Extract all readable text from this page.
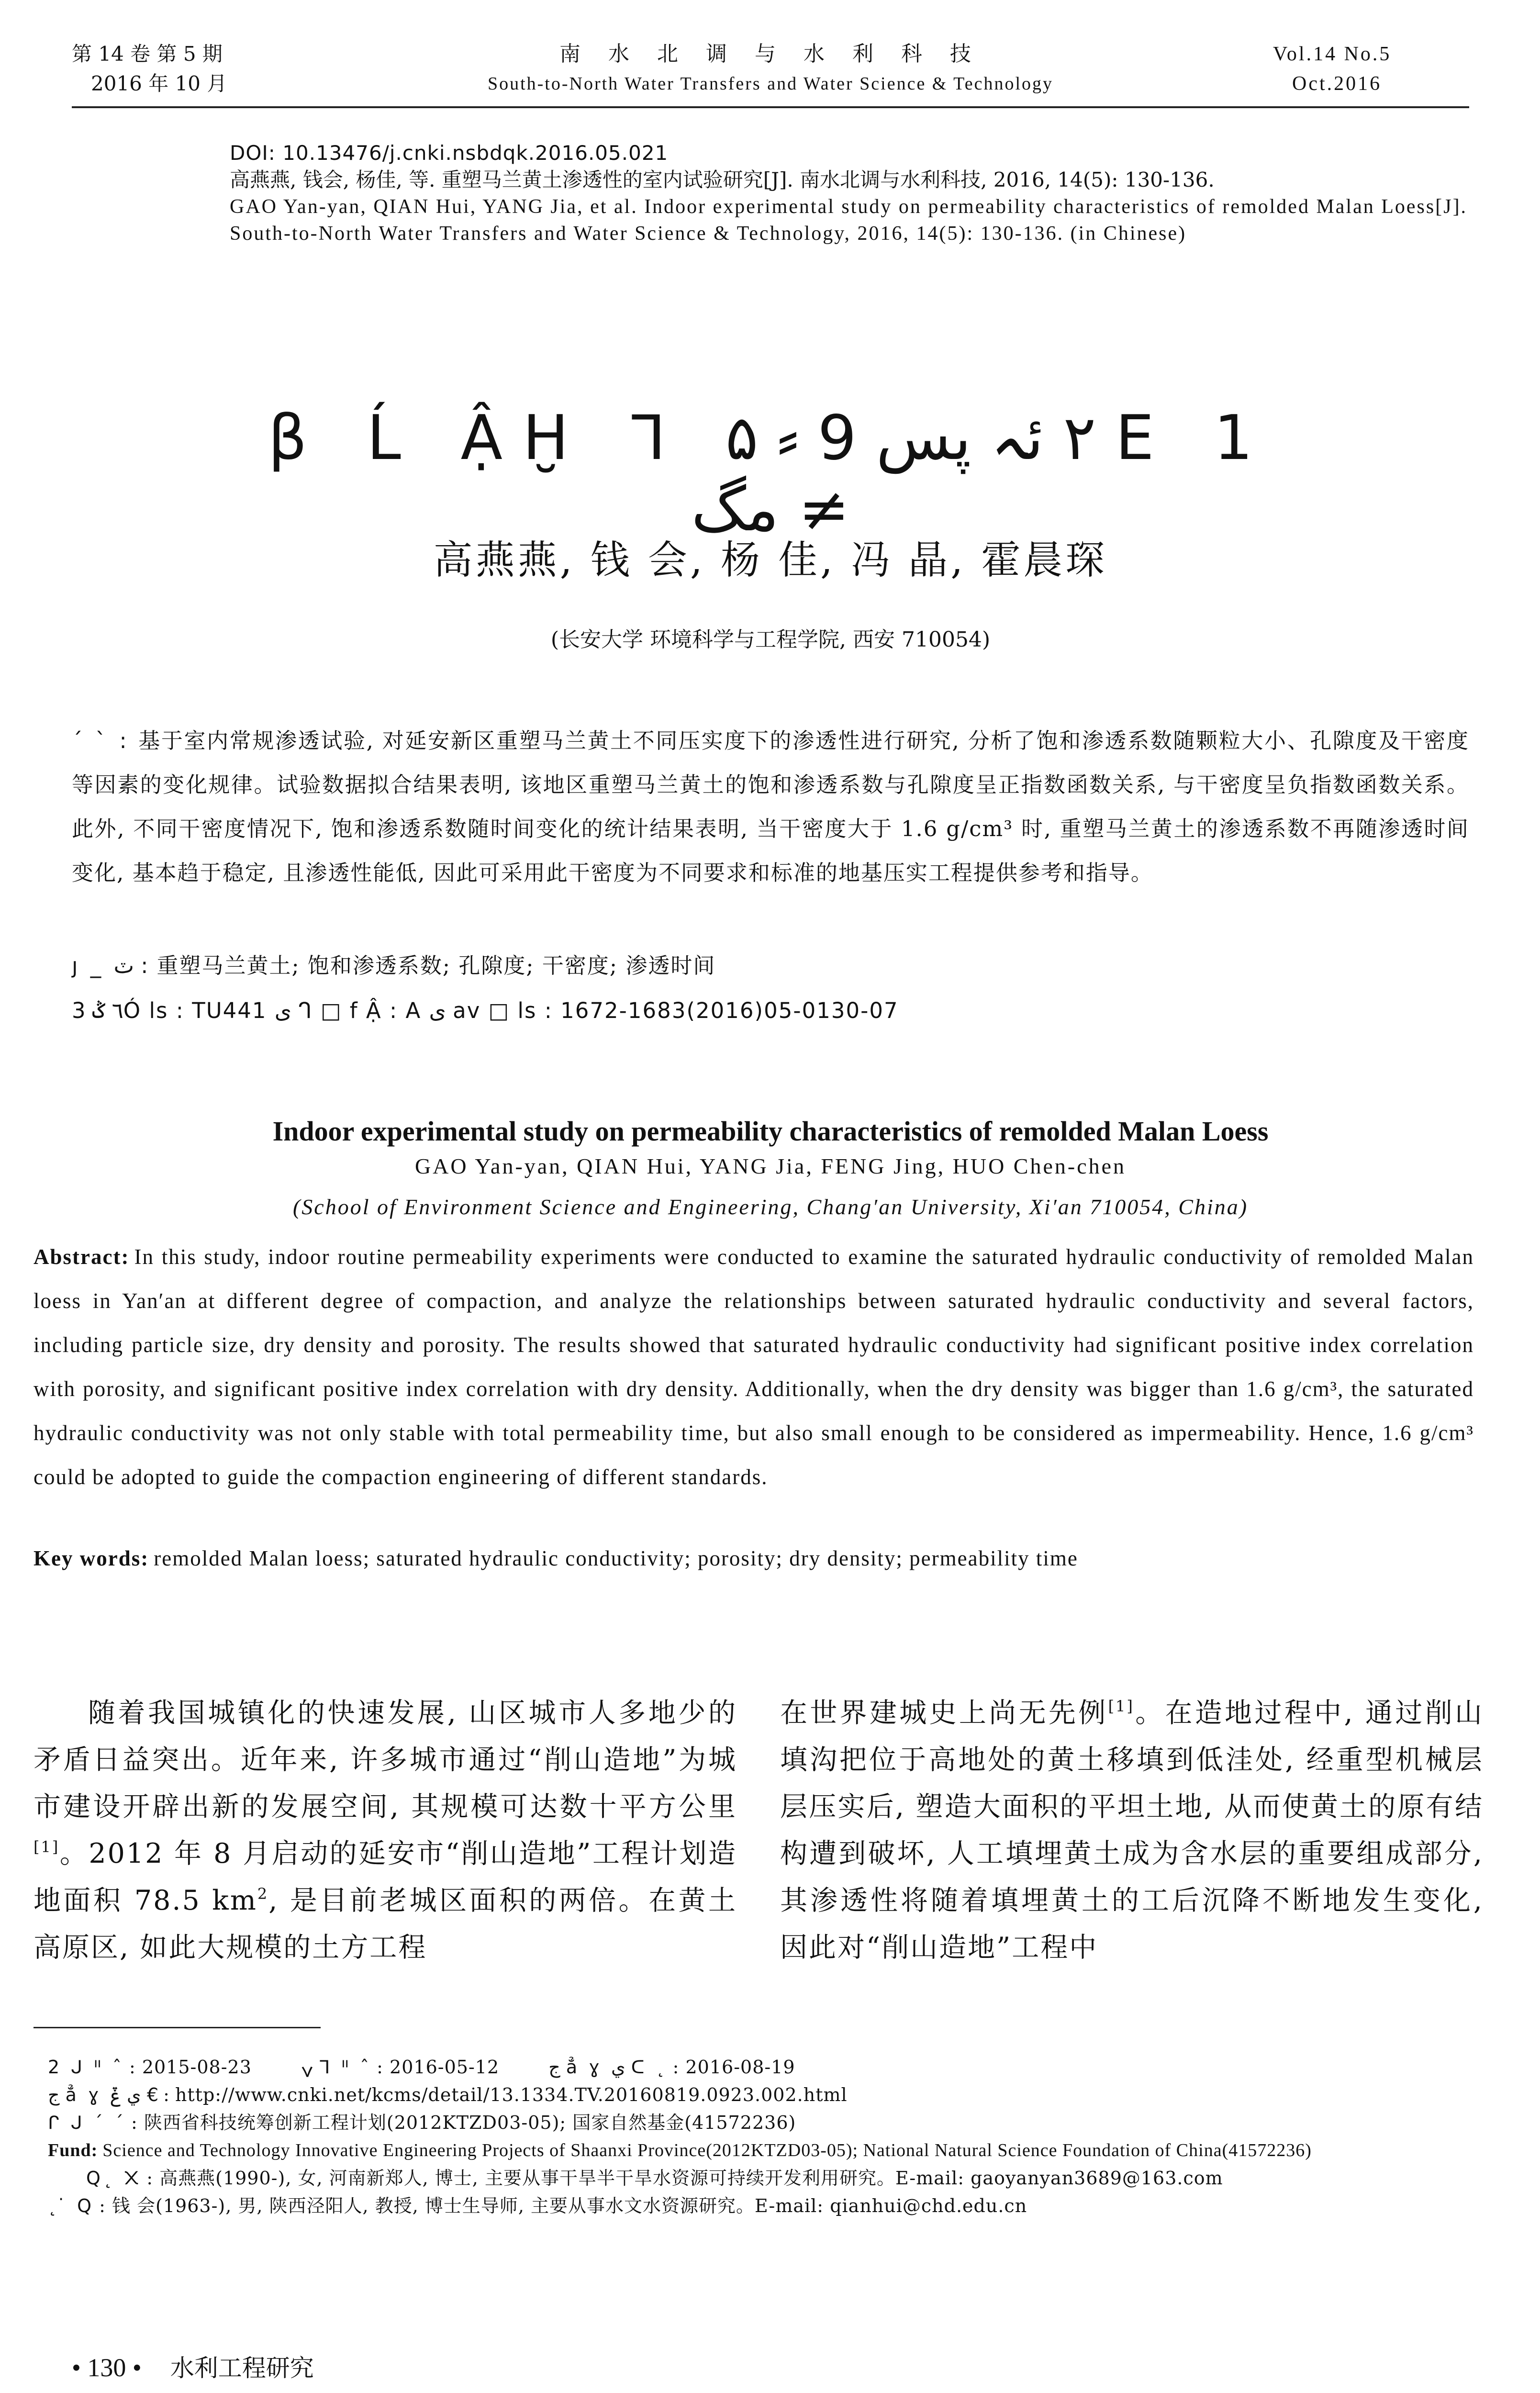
第 14 卷 第 5 期
2016 年 10 月
南 水 北 调 与 水 利 科 技
South-to-North Water Transfers and Water Science & Technology
Vol.14 No.5
Oct.2016
DOI: 10.13476/j.cnki.nsbdqk.2016.05.021
高燕燕, 钱会, 杨佳, 等. 重塑马兰黄土渗透性的室内试验研究[J]. 南水北调与水利科技, 2016, 14(5): 130-136.
GAO Yan-yan, QIAN Hui, YANG Jia, et al. Indoor experimental study on permeability characteristics of remolded Malan Loess[J]. South-to-North Water Transfers and Water Science & Technology, 2016, 14(5): 130-136. (in Chinese)
β Ĺ ẬḪ ᒣ ۵ ⸗ ٢ ئہ پس 9 E 1 مگ ≠
高燕燕, 钱 会, 杨 佳, 冯 晶, 霍晨琛
(长安大学 环境科学与工程学院, 西安 710054)
´ ˋ : 基于室内常规渗透试验, 对延安新区重塑马兰黄土不同压实度下的渗透性进行研究, 分析了饱和渗透系数随颗粒大小、孔隙度及干密度等因素的变化规律。试验数据拟合结果表明, 该地区重塑马兰黄土的饱和渗透系数与孔隙度呈正指数函数关系, 与干密度呈负指数函数关系。此外, 不同干密度情况下, 饱和渗透系数随时间变化的统计结果表明, 当干密度大于 1.6 g/cm³ 时, 重塑马兰黄土的渗透系数不再随渗透时间变化, 基本趋于稳定, 且渗透性能低, 因此可采用此干密度为不同要求和标准的地基压实工程提供参考和指导。
ȷ _ ٽ : 重塑马兰黄土; 饱和渗透系数; 孔隙度; 干密度; 渗透时间
3 ٦ ݣÓ ls : TU441 ی ᒉ □ f Ậ : A ی av □ ls : 1672-1683(2016)05-0130-07
Indoor experimental study on permeability characteristics of remolded Malan Loess
GAO Yan-yan, QIAN Hui, YANG Jia, FENG Jing, HUO Chen-chen
(School of Environment Science and Engineering, Chang′an University, Xi′an 710054, China)
Abstract: In this study, indoor routine permeability experiments were conducted to examine the saturated hydraulic conductivity of remolded Malan loess in Yan′an at different degree of compaction, and analyze the relationships between saturated hydraulic conductivity and several factors, including particle size, dry density and porosity. The results showed that saturated hydraulic conductivity had significant positive index correlation with porosity, and significant positive index correlation with dry density. Additionally, when the dry density was bigger than 1.6 g/cm³, the saturated hydraulic conductivity was not only stable with total permeability time, but also small enough to be considered as impermeability. Hence, 1.6 g/cm³ could be adopted to guide the compaction engineering of different standards.
Key words: remolded Malan loess; saturated hydraulic conductivity; porosity; dry density; permeability time
随着我国城镇化的快速发展, 山区城市人多地少的矛盾日益突出。近年来, 许多城市通过“削山造地”为城市建设开辟出新的发展空间, 其规模可达数十平方公里[1]。2012 年 8 月启动的延安市“削山造地”工程计划造地面积 78.5 $km^2$, 是目前老城区面积的两倍。在黄土高原区, 如此大规模的土方工程
在世界建城史上尚无先例[1]。在造地过程中, 通过削山填沟把位于高地处的黄土移填到低洼处, 经重型机械层层压实后, 塑造大面积的平坦土地, 从而使黄土的原有结构遭到破坏, 人工填埋黄土成为含水层的重要组成部分, 其渗透性将随着填埋黄土的工后沉降不断地发生变化, 因此对“削山造地”工程中
2 ᒍ ᐦ ˆ : 2015-08-23	ݍ ᒣ ᐦ ˆ : 2016-05-12	ج ẳ ɣ ي ᑕ ˛ : 2016-08-19
ج ẳ ɣ ي ݞ € : http://www.cnki.net/kcms/detail/13.1334.TV.20160819.0923.002.html
ᒋ ᒍ ´ ´ : 陕西省科技统筹创新工程计划(2012KTZD03-05); 国家自然基金(41572236)
Fund: Science and Technology Innovative Engineering Projects of Shaanxi Province(2012KTZD03-05); National Natural Science Foundation of China(41572236)
Q˛ ᙭ : 高燕燕(1990-), 女, 河南新郑人, 博士, 主要从事干旱半干旱水资源可持续开发利用研究。E-mail: gaoyanyan3689@163.com
˛ ̇ Q : 钱 会(1963-), 男, 陕西泾阳人, 教授, 博士生导师, 主要从事水文水资源研究。E-mail: qianhui@chd.edu.cn
• 130 • 水利工程研究
